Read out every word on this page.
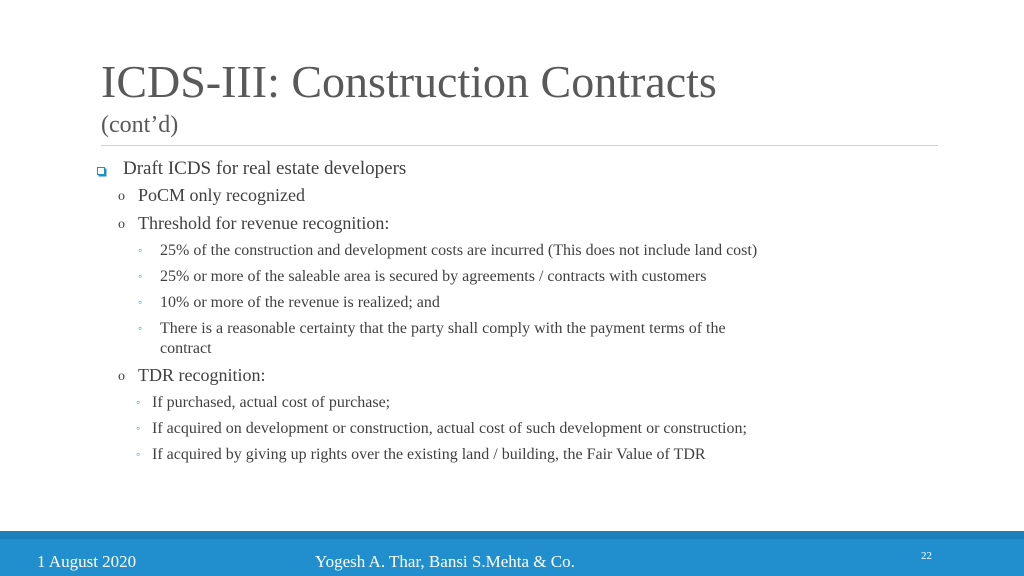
ICDS-III: Construction Contracts
(cont’d)
Draft ICDS for real estate developers
o PoCM only recognized
o Threshold for revenue recognition:
◦ 25% of the construction and development costs are incurred (This does not include land cost)
◦ 25% or more of the saleable area is secured by agreements / contracts with customers
◦ 10% or more of the revenue is realized; and
◦ There is a reasonable certainty that the party shall comply with the payment terms of the
contract
o TDR recognition:
◦ If purchased, actual cost of purchase;
◦ If acquired on development or construction, actual cost of such development or construction;
◦ If acquired by giving up rights over the existing land / building, the Fair Value of TDR
1 August 2020	Yogesh A. Thar, Bansi S.Mehta & Co.	22
